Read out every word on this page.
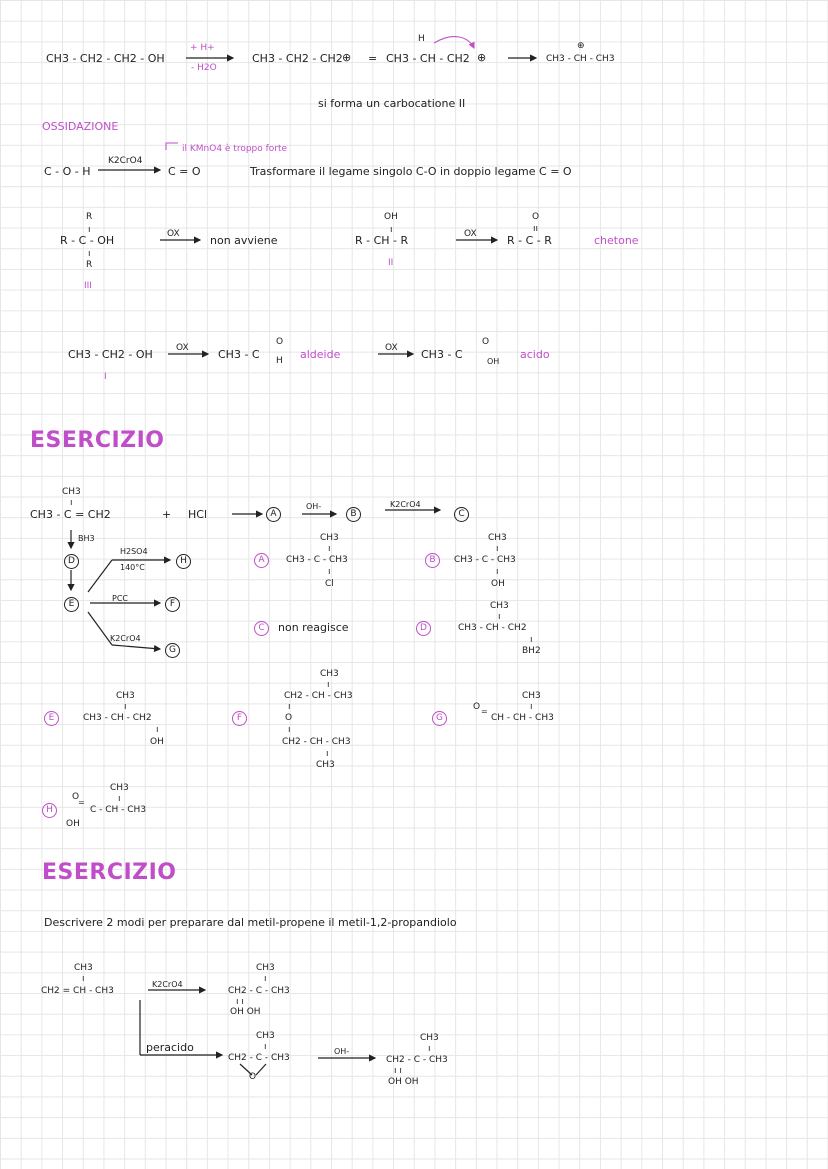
CH3 - CH2 - CH2 - OH
+ H+
- H2O
CH3 - CH2 - CH2 ⊕ =
H
CH3 - CH - CH2 ⊕
⊕
CH3 - CH - CH3
si forma un carbocatione II
OSSIDAZIONE
il KMnO4 è troppo forte
C - O - H
K2CrO4
C = O	Trasformare il legame singolo C-O in doppio legame C = O
R
ı
R - C - OH
ı
R
III
OX	non avviene
OH
ı
R - CH - R
II
OX
O
ıı
R - C - R	chetone
CH3 - CH2 - OH
I
OX	CH3 - C
O
H aldeide	OX CH3 - C
O
OH
acido
ESERCIZIO
CH3
ı
CH3 - C = CH2	+ HCl	A
OH-
B
K2CrO4
C
BH3
D
E
H2SO4
140°C
H
PCC
F
K2CrO4
G
A
CH3
ı
CH3 - C - CH3
ı
Cl
B
CH3
ı
CH3 - C - CH3
ı
OH
C	non reagisce	D
CH3
ı
CH3 - CH - CH2
ı
BH2
E
CH3
ı
CH3 - CH - CH2
ı
OH
F
CH3
ı
CH2 - CH - CH3
ı
O
ı
CH2 - CH - CH3
ı
CH3
G
CH3
ı
O =
CH - CH - CH3
H
CH3
ı
O
=
C - CH - CH3
OH
ESERCIZIO
Descrivere 2 modi per preparare dal metil-propene il metil-1,2-propandiolo
CH3
ı
CH2 = CH - CH3
K2CrO4
CH3
ı
CH2 - C - CH3
ı ı
OH OH
peracido
CH3
ı
CH2 - C - CH3
O
OH-
CH3
ı
CH2 - C - CH3
ı ı
OH OH
